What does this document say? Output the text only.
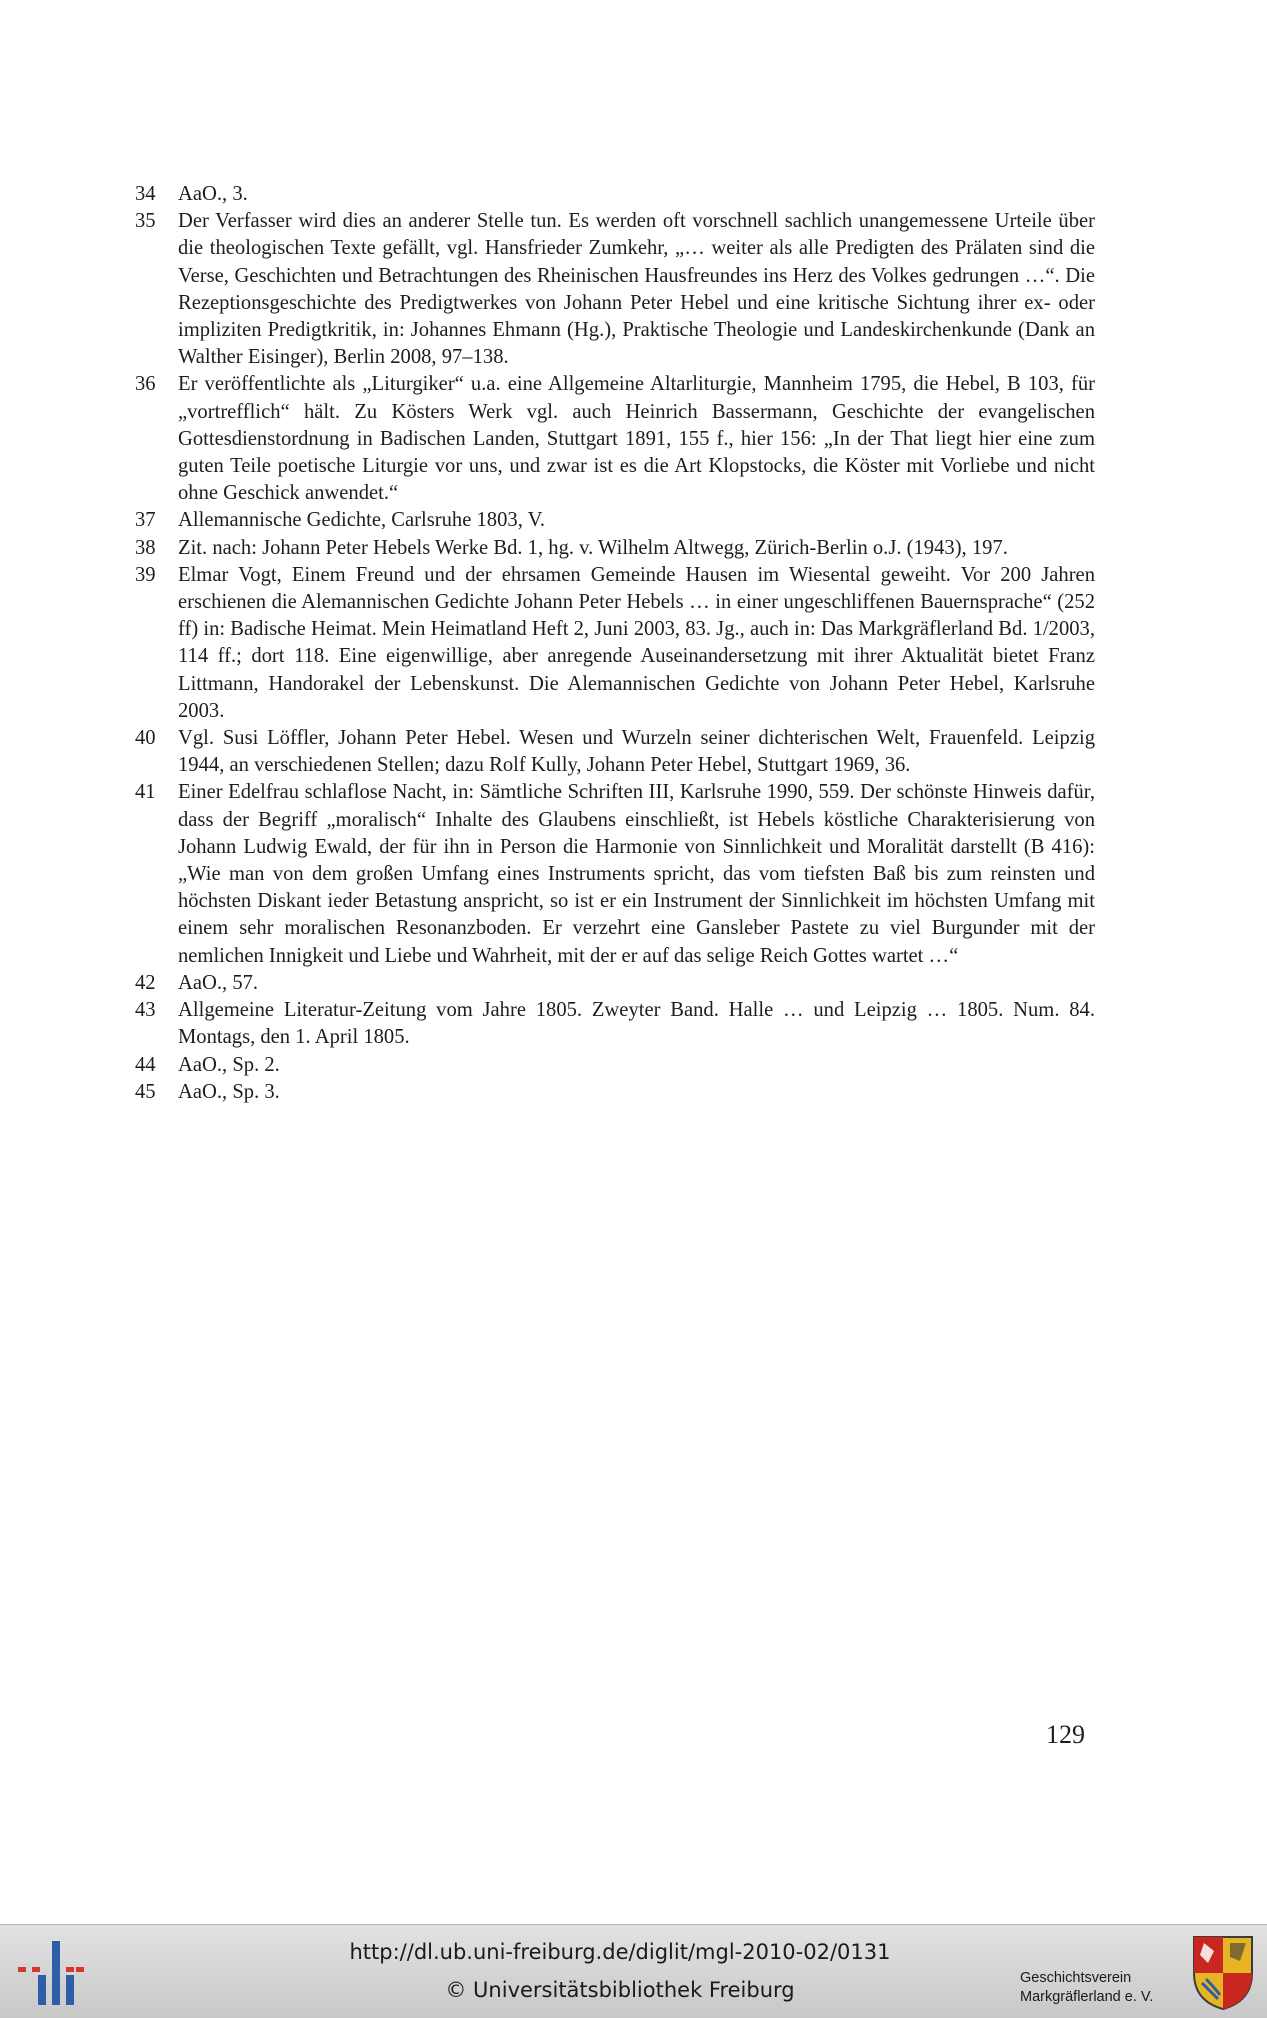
34 AaO., 3.

35 Der Verfasser wird dies an anderer Stelle tun. Es werden oft vorschnell sachlich unangemessene Urteile über die theologischen Texte gefällt, vgl. Hansfrieder Zumkehr, „… weiter als alle Predigten des Prälaten sind die Verse, Geschichten und Betrachtungen des Rheinischen Hausfreundes ins Herz des Volkes gedrungen …“. Die Rezeptionsgeschichte des Predigtwerkes von Johann Peter Hebel und eine kritische Sichtung ihrer ex- oder impliziten Predigtkritik, in: Johannes Ehmann (Hg.), Praktische Theologie und Landeskirchenkunde (Dank an Walther Eisinger), Berlin 2008, 97–138.

36 Er veröffentlichte als „Liturgiker“ u.a. eine Allgemeine Altarliturgie, Mannheim 1795, die Hebel, B 103, für „vortrefflich“ hält. Zu Kösters Werk vgl. auch Heinrich Bassermann, Geschichte der evangelischen Gottesdienstordnung in Badischen Landen, Stuttgart 1891, 155 f., hier 156: „In der That liegt hier eine zum guten Teile poetische Liturgie vor uns, und zwar ist es die Art Klopstocks, die Köster mit Vorliebe und nicht ohne Geschick anwendet.“

37 Allemannische Gedichte, Carlsruhe 1803, V.

38 Zit. nach: Johann Peter Hebels Werke Bd. 1, hg. v. Wilhelm Altwegg, Zürich-Berlin o.J. (1943), 197.

39 Elmar Vogt, Einem Freund und der ehrsamen Gemeinde Hausen im Wiesental geweiht. Vor 200 Jahren erschienen die Alemannischen Gedichte Johann Peter Hebels … in einer ungeschliffenen Bauernsprache“ (252 ff) in: Badische Heimat. Mein Heimatland Heft 2, Juni 2003, 83. Jg., auch in: Das Markgräflerland Bd. 1/2003, 114 ff.; dort 118. Eine eigenwillige, aber anregende Auseinandersetzung mit ihrer Aktualität bietet Franz Littmann, Handorakel der Lebenskunst. Die Alemannischen Gedichte von Johann Peter Hebel, Karlsruhe 2003.

40 Vgl. Susi Löffler, Johann Peter Hebel. Wesen und Wurzeln seiner dichterischen Welt, Frauenfeld. Leipzig 1944, an verschiedenen Stellen; dazu Rolf Kully, Johann Peter Hebel, Stuttgart 1969, 36.

41 Einer Edelfrau schlaflose Nacht, in: Sämtliche Schriften III, Karlsruhe 1990, 559. Der schönste Hinweis dafür, dass der Begriff „moralisch“ Inhalte des Glaubens einschließt, ist Hebels köstliche Charakterisierung von Johann Ludwig Ewald, der für ihn in Person die Harmonie von Sinnlichkeit und Moralität darstellt (B 416): „Wie man von dem großen Umfang eines Instruments spricht, das vom tiefsten Baß bis zum reinsten und höchsten Diskant ieder Betastung anspricht, so ist er ein Instrument der Sinnlichkeit im höchsten Umfang mit einem sehr moralischen Resonanzboden. Er verzehrt eine Gansleber Pastete zu viel Burgunder mit der nemlichen Innigkeit und Liebe und Wahrheit, mit der er auf das selige Reich Gottes wartet …“

42 AaO., 57.

43 Allgemeine Literatur-Zeitung vom Jahre 1805. Zweyter Band. Halle … und Leipzig … 1805. Num. 84. Montags, den 1. April 1805.

44 AaO., Sp. 2.

45 AaO., Sp. 3.

129
http://dl.ub.uni-freiburg.de/diglit/mgl-2010-02/0131
© Universitätsbibliothek Freiburg	Geschichtsverein
Markgräflerland e. V.
